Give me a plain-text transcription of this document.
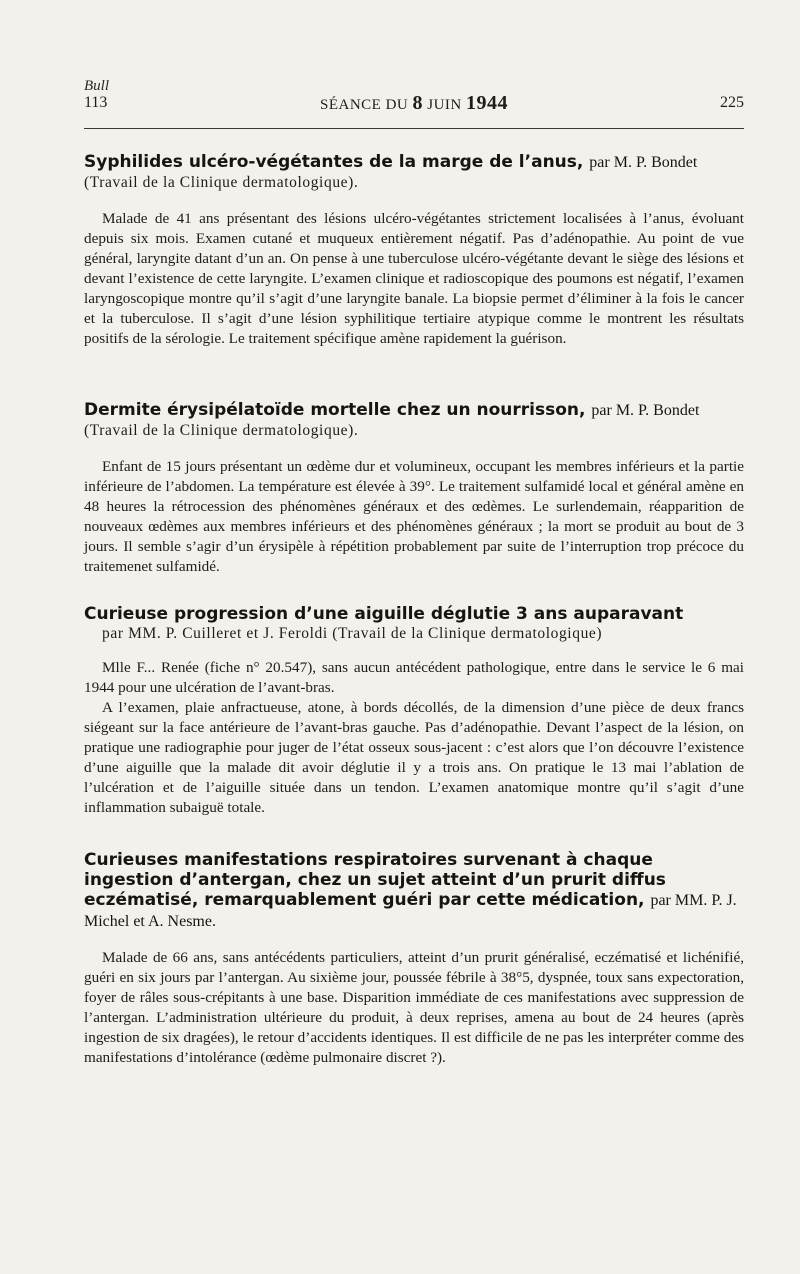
Bull
113	SÉANCE DU 8 JUIN 1944	225

Syphilides ulcéro-végétantes de la marge de l’anus, par M. P. Bondet

(Travail de la Clinique dermatologique).

Malade de 41 ans présentant des lésions ulcéro-végétantes strictement localisées à l’anus, évoluant depuis six mois. Examen cutané et muqueux entièrement négatif. Pas d’adénopathie. Au point de vue général, laryngite datant d’un an. On pense à une tuberculose ulcéro-végétante devant le siège des lésions et devant l’existence de cette laryngite. L’examen clinique et radioscopique des poumons est négatif, l’examen laryngoscopique montre qu’il s’agit d’une laryngite banale. La biopsie permet d’éliminer à la fois le cancer et la tuberculose. Il s’agit d’une lésion syphilitique tertiaire atypique comme le montrent les résultats positifs de la sérologie. Le traitement spécifique amène rapidement la guérison.

Dermite érysipélatoïde mortelle chez un nourrisson, par M. P. Bondet

(Travail de la Clinique dermatologique).

Enfant de 15 jours présentant un œdème dur et volumineux, occupant les membres inférieurs et la partie inférieure de l’abdomen. La température est élevée à 39°. Le traitement sulfamidé local et général amène en 48 heures la rétrocession des phénomènes généraux et des œdèmes. Le surlendemain, réapparition de nouveaux œdèmes aux membres inférieurs et des phénomènes généraux ; la mort se produit au bout de 3 jours. Il semble s’agir d’un érysipèle à répétition probablement par suite de l’interruption trop précoce du traitemenet sulfamidé.

Curieuse progression d’une aiguille déglutie 3 ans auparavant

par MM. P. Cuilleret et J. Feroldi (Travail de la Clinique dermatologique)

Mlle F... Renée (fiche n° 20.547), sans aucun antécédent pathologique, entre dans le service le 6 mai 1944 pour une ulcération de l’avant-bras.

A l’examen, plaie anfractueuse, atone, à bords décollés, de la dimension d’une pièce de deux francs siégeant sur la face antérieure de l’avant-bras gauche. Pas d’adénopathie. Devant l’aspect de la lésion, on pratique une radiographie pour juger de l’état osseux sous-jacent : c’est alors que l’on découvre l’existence d’une aiguille que la malade dit avoir déglutie il y a trois ans. On pratique le 13 mai l’ablation de l’ulcération et de l’aiguille située dans un tendon. L’examen anatomique montre qu’il s’agit d’une inflammation subaiguë totale.

Curieuses manifestations respiratoires survenant à chaque ingestion d’antergan, chez un sujet atteint d’un prurit diffus eczématisé, remarquablement guéri par cette médication, par MM. P. J. Michel et A. Nesme.

Malade de 66 ans, sans antécédents particuliers, atteint d’un prurit généralisé, eczématisé et lichénifié, guéri en six jours par l’antergan. Au sixième jour, poussée fébrile à 38°5, dyspnée, toux sans expectoration, foyer de râles sous-crépitants à une base. Disparition immédiate de ces manifestations avec suppression de l’antergan. L’administration ultérieure du produit, à deux reprises, amena au bout de 24 heures (après ingestion de six dragées), le retour d’accidents identiques. Il est difficile de ne pas les interpréter comme des manifestations d’intolérance (œdème pulmonaire discret ?).
